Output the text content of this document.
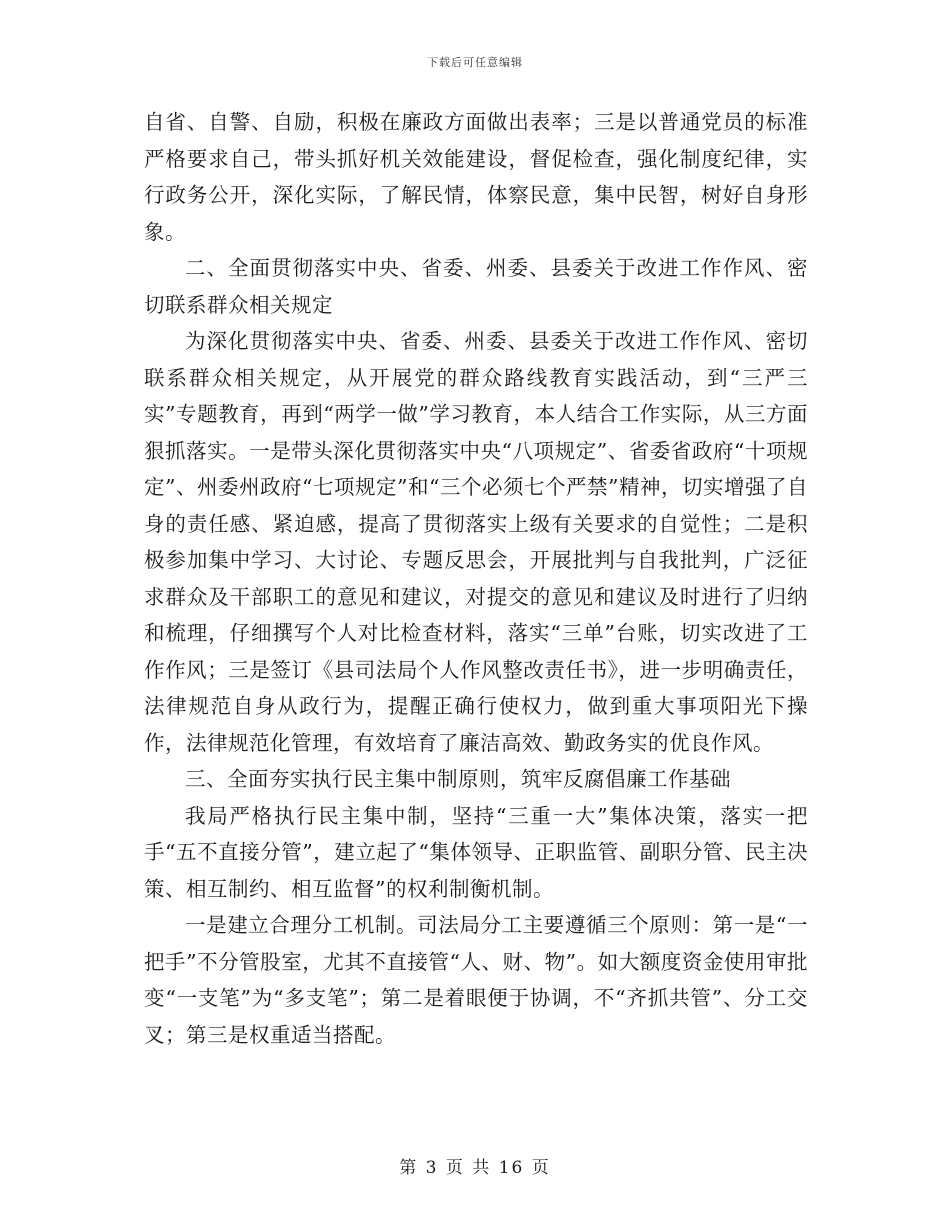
下载后可任意编辑

自省、自警、自励，积极在廉政方面做出表率；三是以普通党员的标准严格要求自己，带头抓好机关效能建设，督促检查，强化制度纪律，实行政务公开，深化实际，了解民情，体察民意，集中民智，树好自身形象。

二、全面贯彻落实中央、省委、州委、县委关于改进工作作风、密切联系群众相关规定

为深化贯彻落实中央、省委、州委、县委关于改进工作作风、密切联系群众相关规定，从开展党的群众路线教育实践活动，到“三严三实”专题教育，再到“两学一做”学习教育，本人结合工作实际，从三方面狠抓落实。一是带头深化贯彻落实中央“八项规定”、省委省政府“十项规定”、州委州政府“七项规定”和“三个必须七个严禁”精神，切实增强了自身的责任感、紧迫感，提高了贯彻落实上级有关要求的自觉性；二是积极参加集中学习、大讨论、专题反思会，开展批判与自我批判，广泛征求群众及干部职工的意见和建议，对提交的意见和建议及时进行了归纳和梳理，仔细撰写个人对比检查材料，落实“三单”台账，切实改进了工作作风；三是签订《县司法局个人作风整改责任书》，进一步明确责任，法律规范自身从政行为，提醒正确行使权力，做到重大事项阳光下操作，法律规范化管理，有效培育了廉洁高效、勤政务实的优良作风。

三、全面夯实执行民主集中制原则，筑牢反腐倡廉工作基础

我局严格执行民主集中制，坚持“三重一大”集体决策，落实一把手“五不直接分管”，建立起了“集体领导、正职监管、副职分管、民主决策、相互制约、相互监督”的权利制衡机制。

一是建立合理分工机制。司法局分工主要遵循三个原则：第一是“一把手”不分管股室，尤其不直接管“人、财、物”。如大额度资金使用审批变“一支笔”为“多支笔”；第二是着眼便于协调，不“齐抓共管”、分工交叉；第三是权重适当搭配。

第 3 页 共 16 页
